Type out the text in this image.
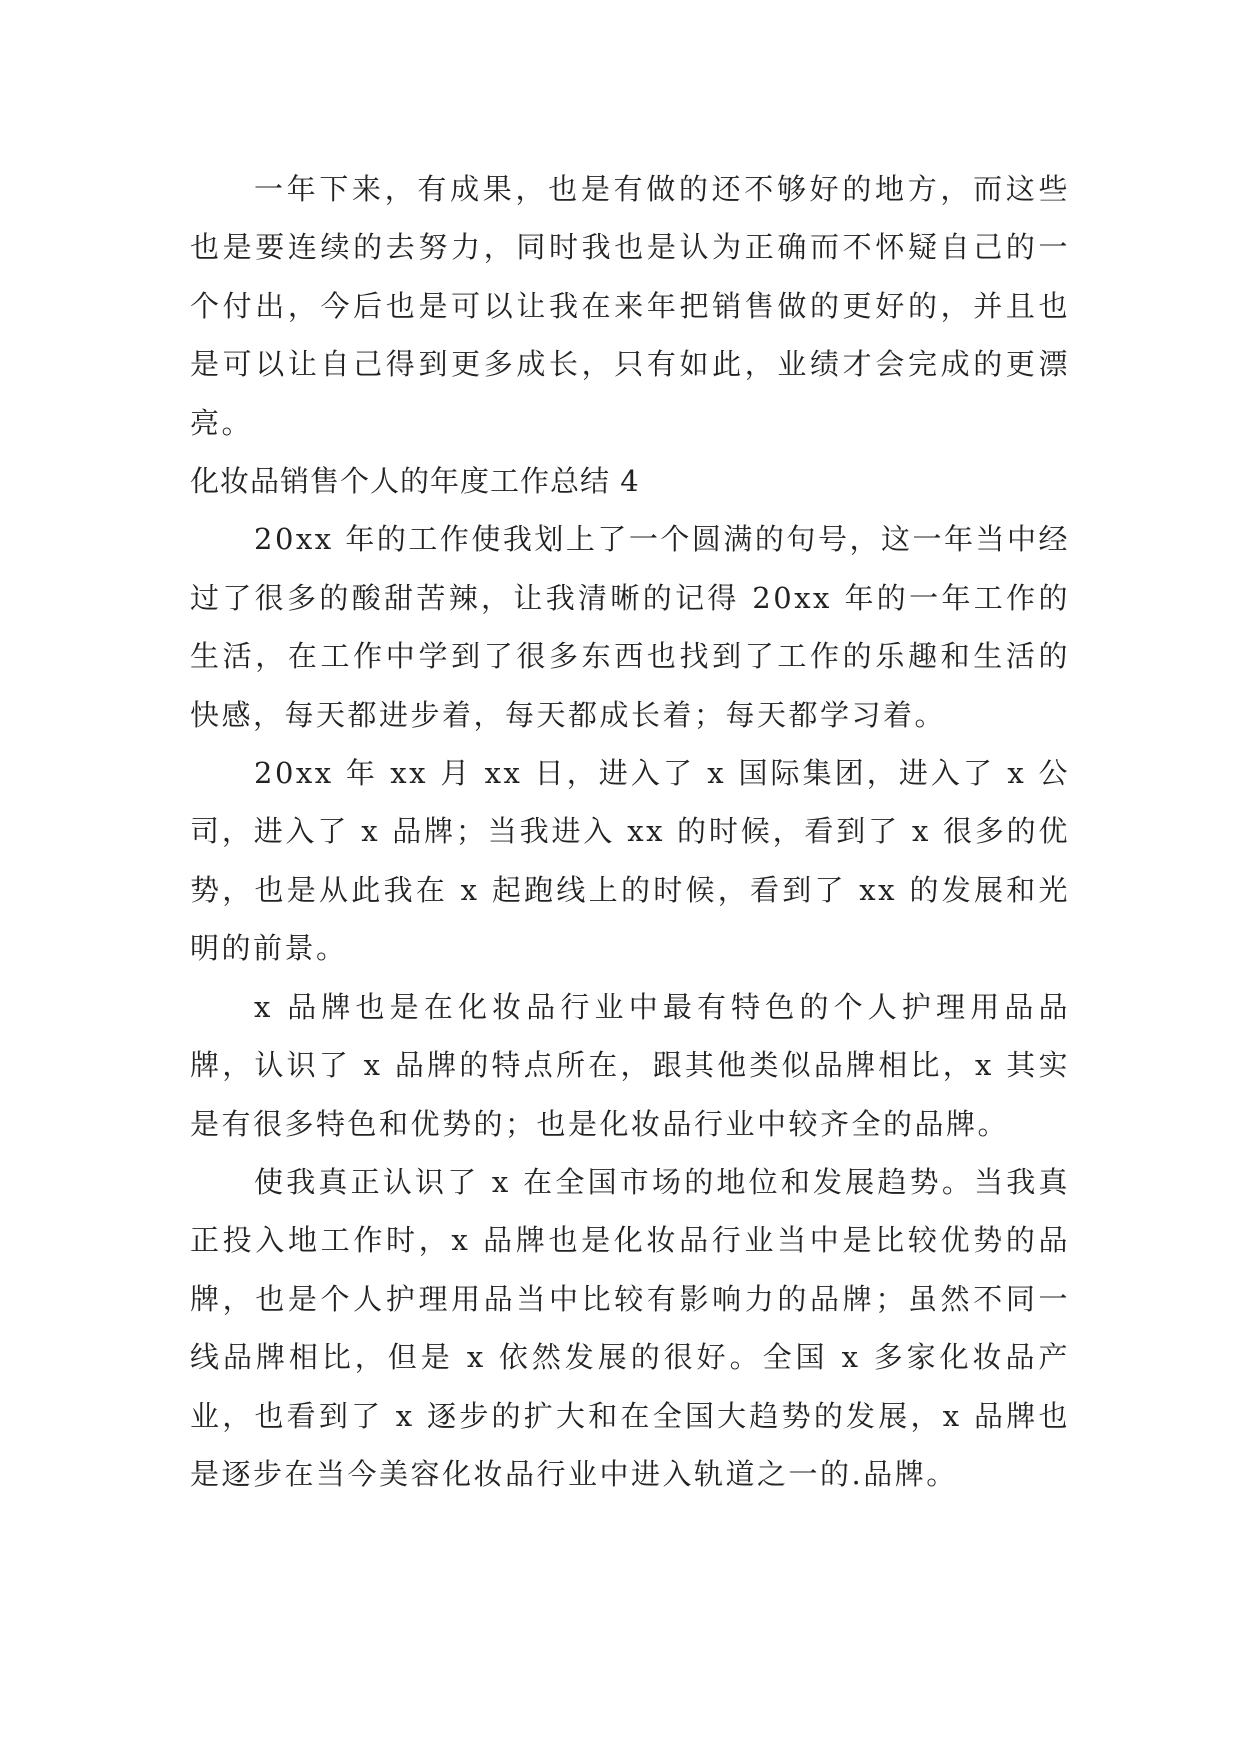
一年下来，有成果，也是有做的还不够好的地方，而这些也是要连续的去努力，同时我也是认为正确而不怀疑自己的一个付出，今后也是可以让我在来年把销售做的更好的，并且也是可以让自己得到更多成长，只有如此，业绩才会完成的更漂亮。

化妆品销售个人的年度工作总结 4

20xx 年的工作使我划上了一个圆满的句号，这一年当中经过了很多的酸甜苦辣，让我清晰的记得 20xx 年的一年工作的生活，在工作中学到了很多东西也找到了工作的乐趣和生活的快感，每天都进步着，每天都成长着；每天都学习着。

20xx 年 xx 月 xx 日，进入了 x 国际集团，进入了 x 公司，进入了 x 品牌；当我进入 xx 的时候，看到了 x 很多的优势，也是从此我在 x 起跑线上的时候，看到了 xx 的发展和光明的前景。

x 品牌也是在化妆品行业中最有特色的个人护理用品品牌，认识了 x 品牌的特点所在，跟其他类似品牌相比，x 其实是有很多特色和优势的；也是化妆品行业中较齐全的品牌。

使我真正认识了 x 在全国市场的地位和发展趋势。当我真正投入地工作时，x 品牌也是化妆品行业当中是比较优势的品牌，也是个人护理用品当中比较有影响力的品牌；虽然不同一线品牌相比，但是 x 依然发展的很好。全国 x 多家化妆品产业，也看到了 x 逐步的扩大和在全国大趋势的发展，x 品牌也是逐步在当今美容化妆品行业中进入轨道之一的.品牌。
